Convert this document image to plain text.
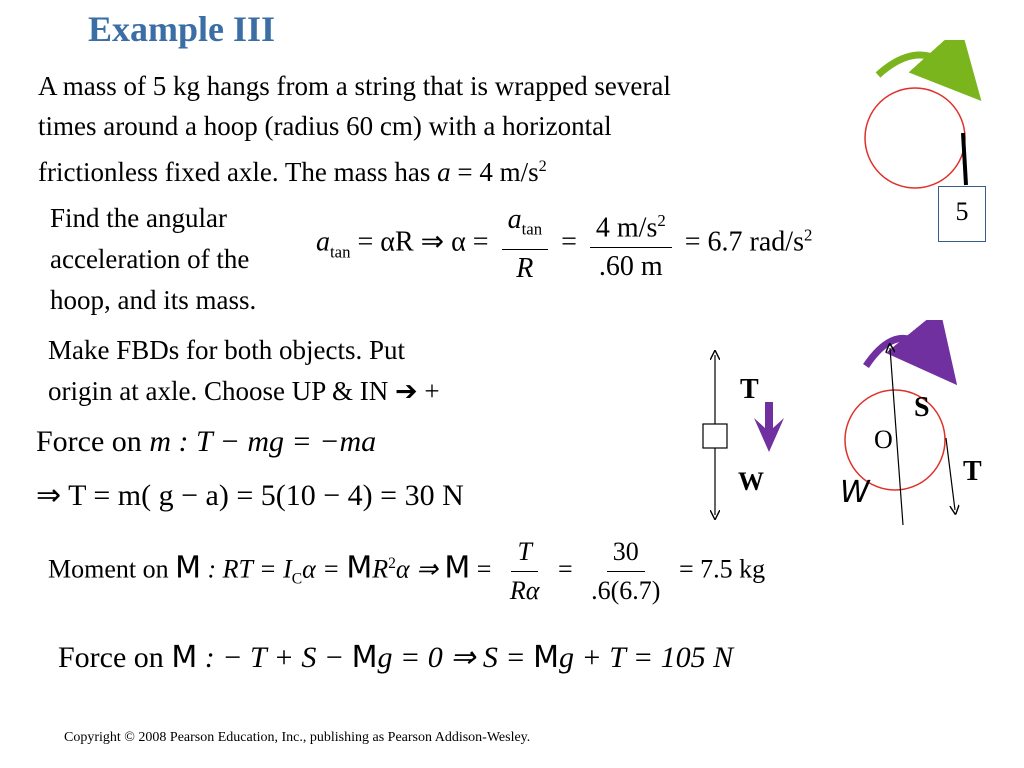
Example III
A mass of 5 kg hangs from a string that is wrapped several
times around a hoop (radius 60 cm) with a horizontal
frictionless fixed axle. The mass has a = 4 $m/s^2$
5
Find the angular
acceleration of the
hoop, and its mass.
$a_{tan} = \alpha R$ ⇒ $\alpha = \frac{a_{tan}}{R} = \frac{4 m/s^2}{.60 m} = 6.7$ rad/$s^2$
Make FBDs for both objects. Put
origin at axle. Choose UP & IN ➔ +	T
W
S
O
T
W
Force on m : T − mg = −ma
⇒ T = m( g − a) = 5(10 − 4) = 30 N
Moment on M : RT = $I_C\alpha = MR^2\alpha$ ⇒ $M = \frac{T}{R\alpha} = \frac{30}{.6(6.7)} = 7.5$ kg
Force on M : − T + S − Mg = 0 ⇒ S = Mg + T = 105 N
Copyright © 2008 Pearson Education, Inc., publishing as Pearson Addison-Wesley.
